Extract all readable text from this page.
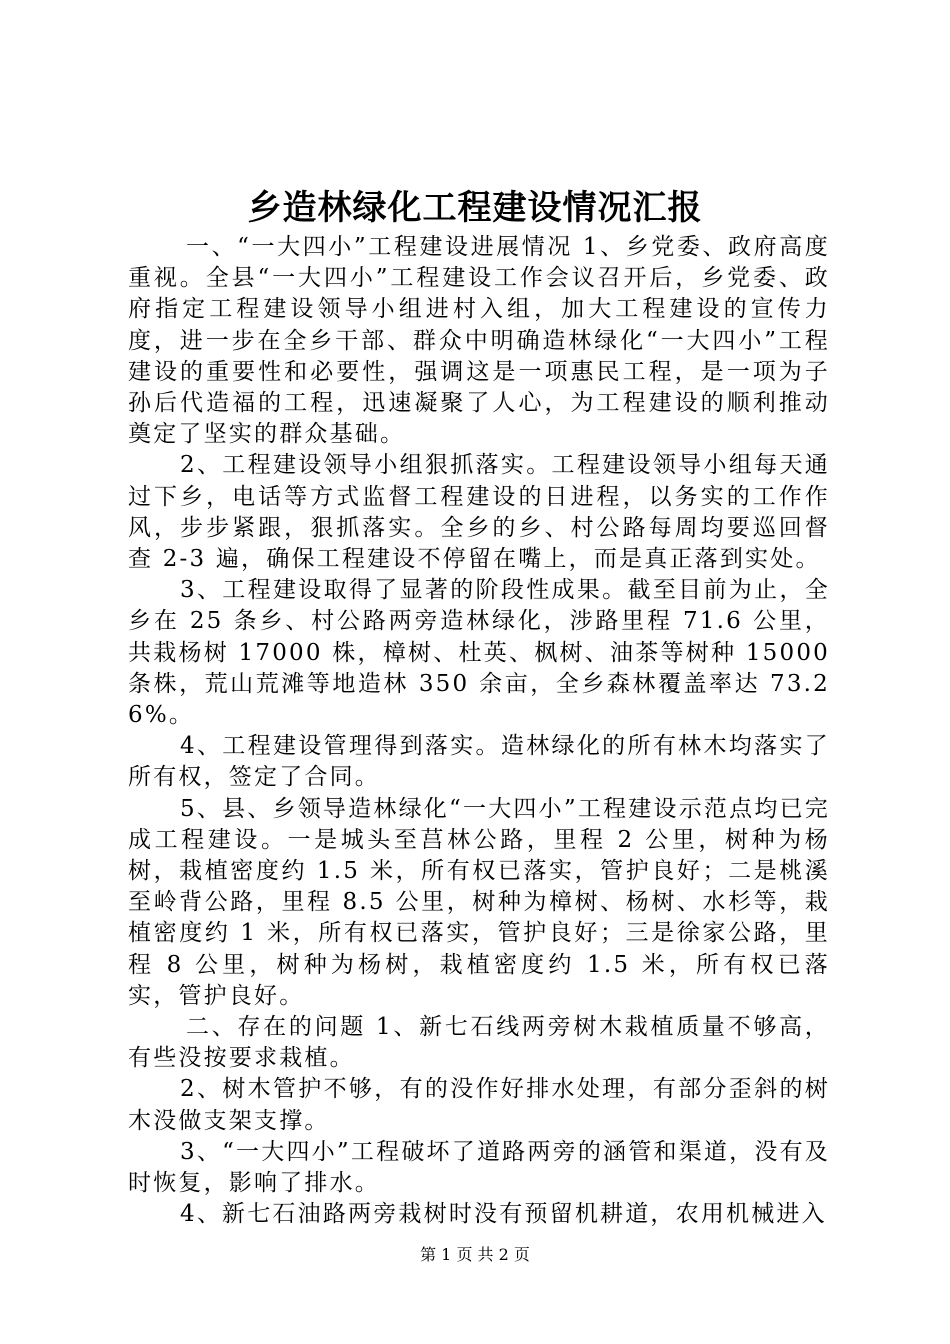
乡造林绿化工程建设情况汇报

一、“一大四小”工程建设进展情况 1、乡党委、政府高度重视。全县“一大四小”工程建设工作会议召开后，乡党委、政府指定工程建设领导小组进村入组，加大工程建设的宣传力度，进一步在全乡干部、群众中明确造林绿化“一大四小”工程建设的重要性和必要性，强调这是一项惠民工程，是一项为子孙后代造福的工程，迅速凝聚了人心，为工程建设的顺利推动奠定了坚实的群众基础。

2、工程建设领导小组狠抓落实。工程建设领导小组每天通过下乡，电话等方式监督工程建设的日进程，以务实的工作作风，步步紧跟，狠抓落实。全乡的乡、村公路每周均要巡回督查 2-3 遍，确保工程建设不停留在嘴上，而是真正落到实处。

3、工程建设取得了显著的阶段性成果。截至目前为止，全乡在 25 条乡、村公路两旁造林绿化，涉路里程 71.6 公里，共栽杨树 17000 株，樟树、杜英、枫树、油茶等树种 15000 条株，荒山荒滩等地造林 350 余亩，全乡森林覆盖率达 73.26%。

4、工程建设管理得到落实。造林绿化的所有林木均落实了所有权，签定了合同。

5、县、乡领导造林绿化“一大四小”工程建设示范点均已完成工程建设。一是城头至莒林公路，里程 2 公里，树种为杨树，栽植密度约 1.5 米，所有权已落实，管护良好；二是桃溪至岭背公路，里程 8.5 公里，树种为樟树、杨树、水杉等，栽植密度约 1 米，所有权已落实，管护良好；三是徐家公路，里程 8 公里，树种为杨树，栽植密度约 1.5 米，所有权已落实，管护良好。

二、存在的问题 1、新七石线两旁树木栽植质量不够高，有些没按要求栽植。

2、树木管护不够，有的没作好排水处理，有部分歪斜的树木没做支架支撑。

3、“一大四小”工程破坏了道路两旁的涵管和渠道，没有及时恢复，影响了排水。

4、新七石油路两旁栽树时没有预留机耕道，农用机械进入

第 1 页 共 2 页
